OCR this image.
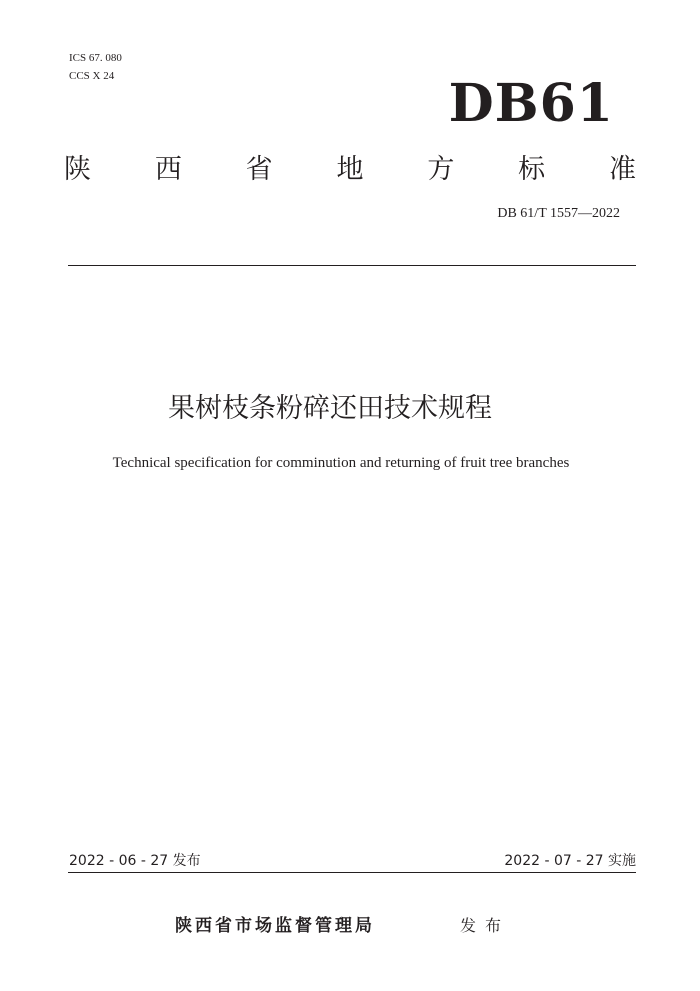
ICS 67. 080
CCS X 24	DB61
陕 西 省 地 方 标 准
DB 61/T 1557—2022
果树枝条粉碎还田技术规程
Technical specification for comminution and returning of fruit tree branches
2022 - 06 - 27 发布	2022 - 07 - 27 实施
陕西省市场监督管理局	发布
